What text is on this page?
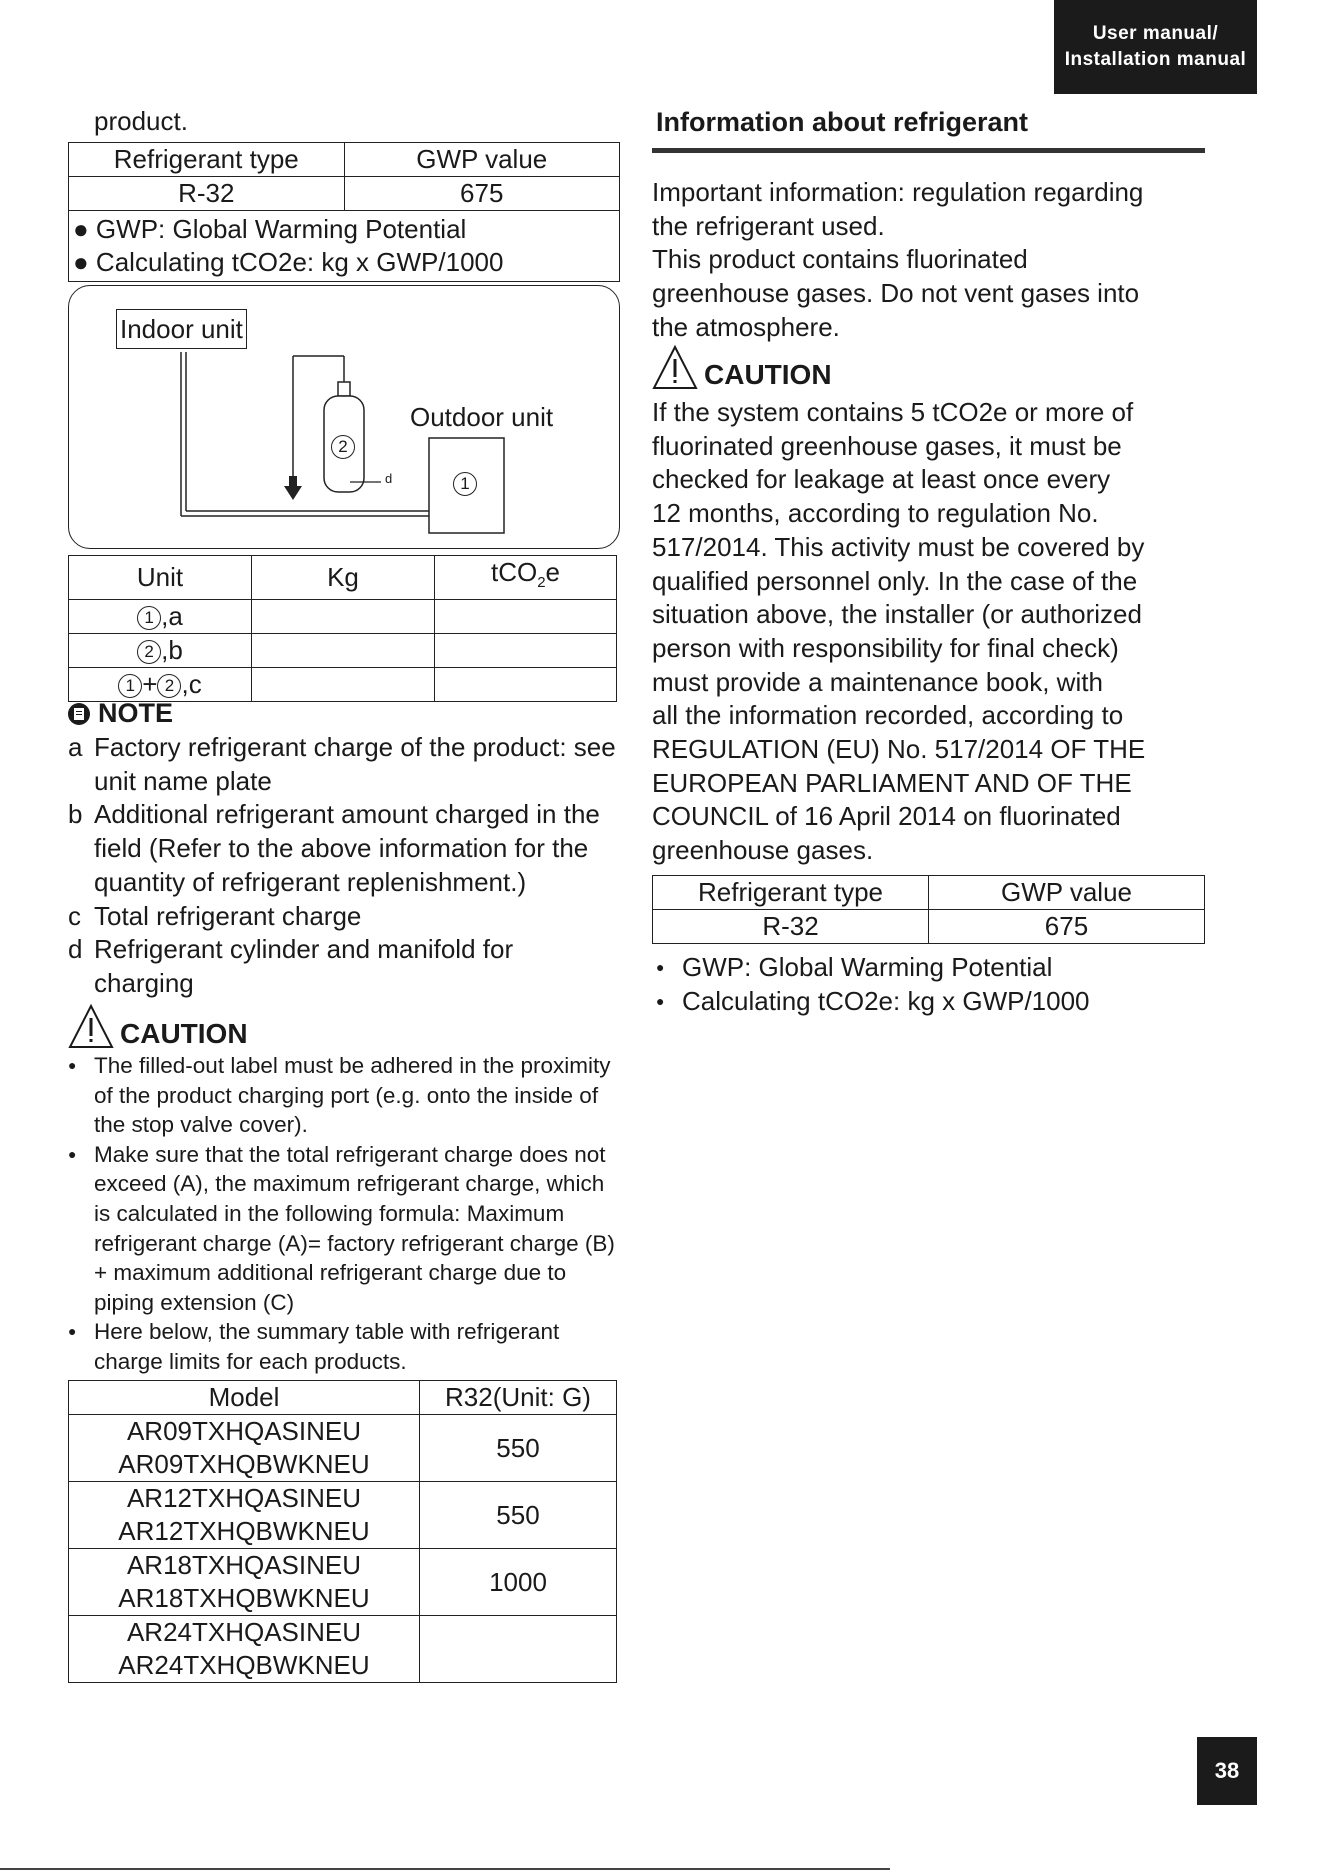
User manual/
Installation manual
product.
Refrigerant type	GWP value
R-32	675

● GWP: Global Warming Potential
● Calculating tCO2e: kg x GWP/1000	
Indoor unit
Outdoor unit
2
1
d
Unit	Kg	tCO$_2$e
1 ,a		
2 ,b		
1 + 2 ,c		
NOTE
a Factory refrigerant charge of the product: see unit name plate
b Additional refrigerant amount charged in the field (Refer to the above information for the quantity of refrigerant replenishment.)
c Total refrigerant charge
d Refrigerant cylinder and manifold for charging
CAUTION
● The filled-out label must be adhered in the proximity of the product charging port (e.g. onto the inside of the stop valve cover).
● Make sure that the total refrigerant charge does not exceed (A), the maximum refrigerant charge, which is calculated in the following formula: Maximum refrigerant charge (A)= factory refrigerant charge (B) + maximum additional refrigerant charge due to piping extension (C)
● Here below, the summary table with refrigerant charge limits for each products.
Model	R32(Unit: G)

AR09TXHQASINEU
AR09TXHQBWKNEU	550

AR12TXHQASINEU
AR12TXHQBWKNEU	550

AR18TXHQASINEU
AR18TXHQBWKNEU	1000

AR24TXHQASINEU
AR24TXHQBWKNEU	

Information about refrigerant
Important information: regulation regarding
the refrigerant used.
This product contains fluorinated
greenhouse gases. Do not vent gases into
the atmosphere.
CAUTION
If the system contains 5 tCO2e or more of
fluorinated greenhouse gases, it must be
checked for leakage at least once every
12 months, according to regulation No.
517/2014. This activity must be covered by
qualified personnel only. In the case of the
situation above, the installer (or authorized
person with responsibility for final check)
must provide a maintenance book, with
all the information recorded, according to
REGULATION (EU) No. 517/2014 OF THE
EUROPEAN PARLIAMENT AND OF THE
COUNCIL of 16 April 2014 on fluorinated
greenhouse gases.
Refrigerant type	GWP value
R-32	675
● GWP: Global Warming Potential
● Calculating tCO2e: kg x GWP/1000
38
